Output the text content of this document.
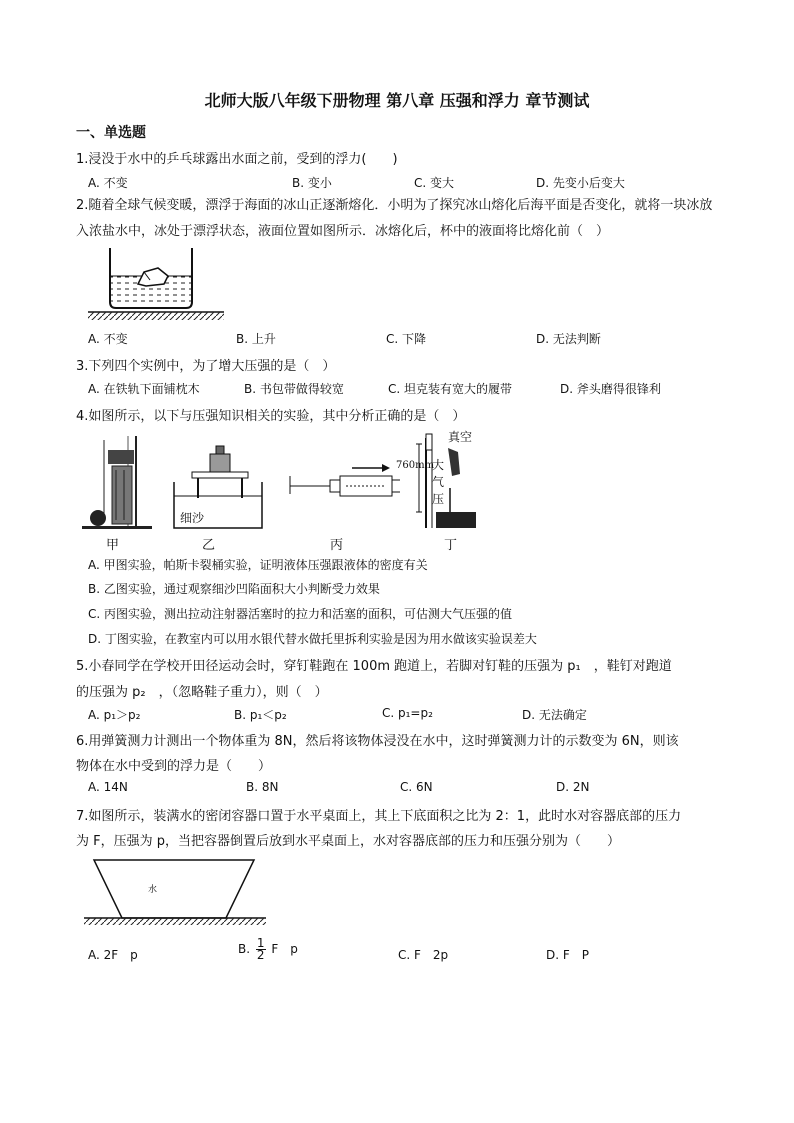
北师大版八年级下册物理 第八章 压强和浮力 章节测试
一、单选题
1.浸没于水中的乒乓球露出水面之前，受到的浮力(　　)
A. 不变	B. 变小	C. 变大	D. 先变小后变大
2.随着全球气候变暖，漂浮于海面的冰山正逐渐熔化．小明为了探究冰山熔化后海平面是否变化，就将一块冰放入浓盐水中，冰处于漂浮状态，液面位置如图所示．冰熔化后，杯中的液面将比熔化前（　）
A. 不变	B. 上升	C. 下降	D. 无法判断
3.下列四个实例中，为了增大压强的是（　）
A. 在铁轨下面铺枕木	B. 书包带做得较宽	C. 坦克装有宽大的履带	D. 斧头磨得很锋利
4.如图所示，以下与压强知识相关的实验，其中分析正确的是（　）
细沙
真空
760mm
大
气
压
甲	乙	丙	丁
A. 甲图实验，帕斯卡裂桶实验，证明液体压强跟液体的密度有关
B. 乙图实验，通过观察细沙凹陷面积大小判断受力效果
C. 丙图实验，测出拉动注射器活塞时的拉力和活塞的面积，可估测大气压强的值
D. 丁图实验，在教室内可以用水银代替水做托里拆利实验是因为用水做该实验误差大
5.小春同学在学校开田径运动会时，穿钉鞋跑在 100m 跑道上，若脚对钉鞋的压强为 p₁　，鞋钉对跑道
的压强为 p₂　，（忽略鞋子重力），则（　）
A. p₁＞p₂	B. p₁＜p₂	C. p₁=p₂	D. 无法确定
6.用弹簧测力计测出一个物体重为 8N，然后将该物体浸没在水中，这时弹簧测力计的示数变为 6N，则该
物体在水中受到的浮力是（　　）
A. 14N	B. 8N	C. 6N	D. 2N
7.如图所示，装满水的密闭容器口置于水平桌面上，其上下底面积之比为 2：1，此时水对容器底部的压力
为 F，压强为 p，当把容器倒置后放到水平桌面上，水对容器底部的压力和压强分别为（　　）
水
A. 2F　p	B. $\frac{1}{2}$ F　p	C. F　2p	D. F　P
